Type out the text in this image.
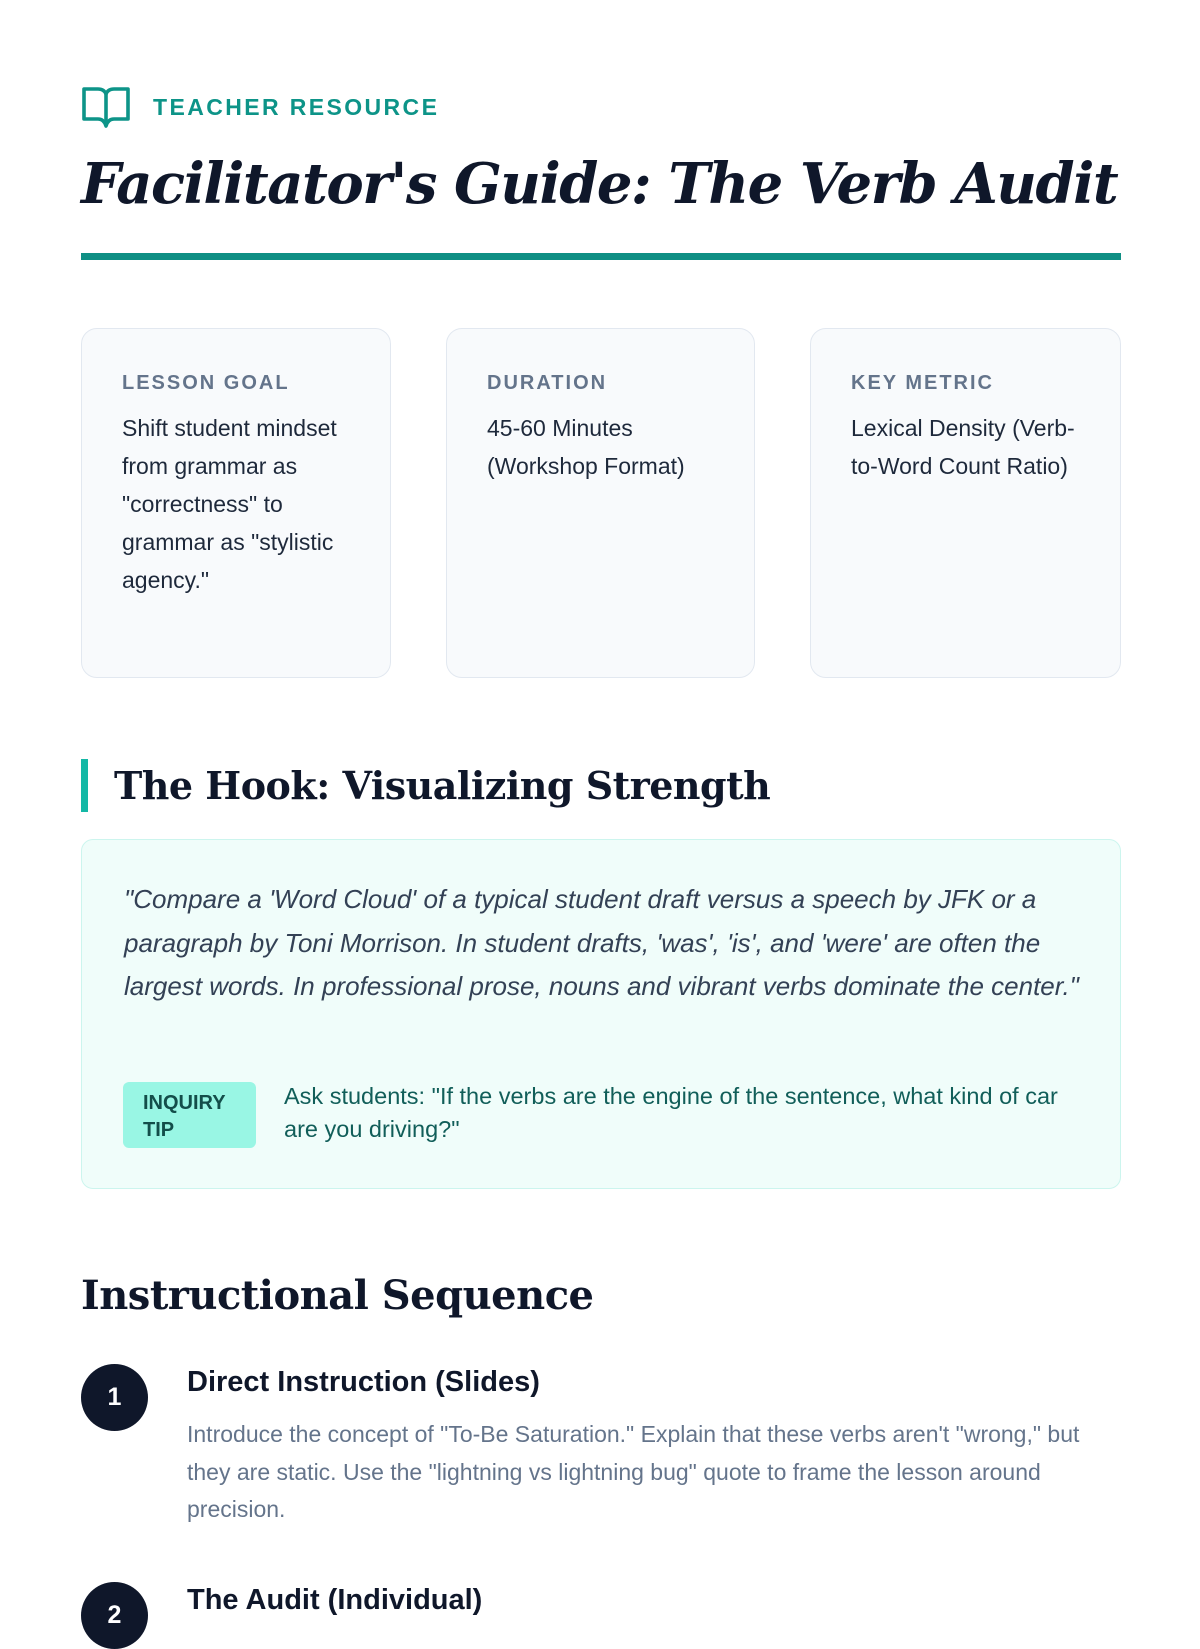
TEACHER RESOURCE
Facilitator's Guide: The Verb Audit
LESSON GOAL
Shift student mindset from grammar as "correctness" to grammar as "stylistic agency."
DURATION
45-60 Minutes (Workshop Format)
KEY METRIC
Lexical Density (Verb-to-Word Count Ratio)
The Hook: Visualizing Strength

"Compare a 'Word Cloud' of a typical student draft versus a speech by JFK or a paragraph by Toni Morrison. In student drafts, 'was', 'is', and 'were' are often the largest words. In professional prose, nouns and vibrant verbs dominate the center."

INQUIRY TIP

Ask students: "If the verbs are the engine of the sentence, what kind of car are you driving?"

Instructional Sequence
1	Direct Instruction (Slides)

Introduce the concept of "To-Be Saturation." Explain that these verbs aren't "wrong," but they are static. Use the "lightning vs lightning bug" quote to frame the lesson around precision.

2	The Audit (Individual)
